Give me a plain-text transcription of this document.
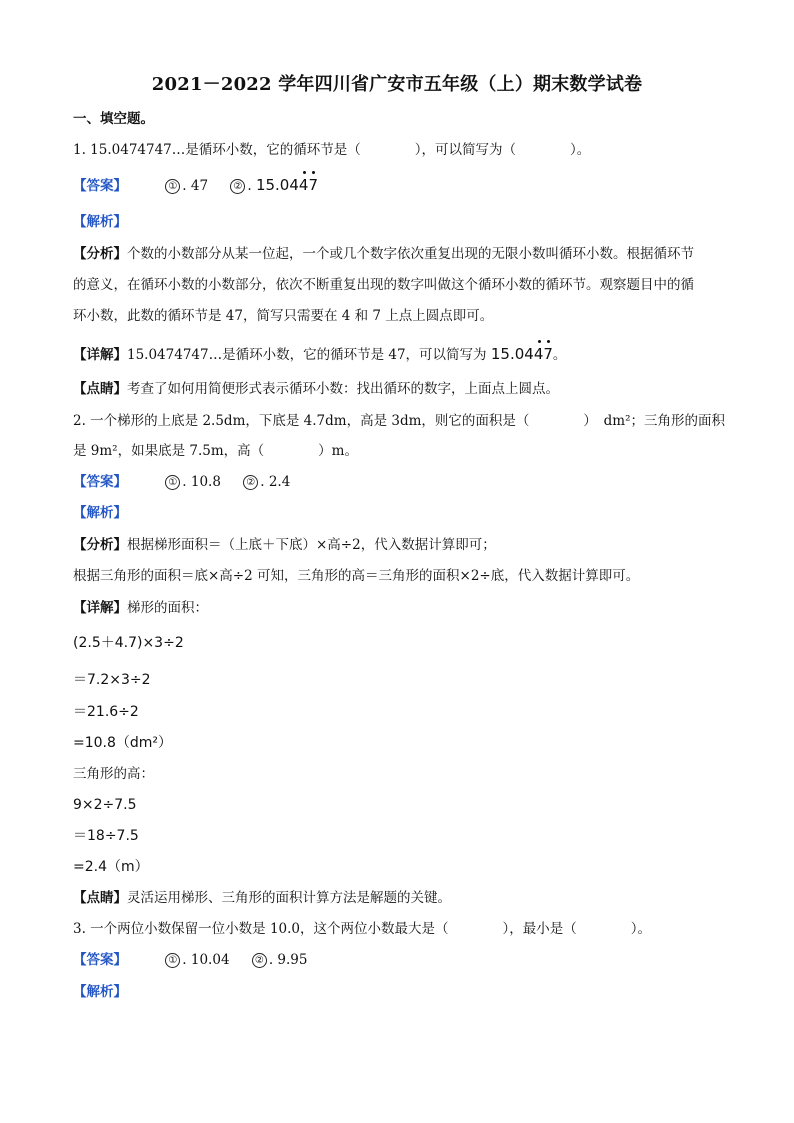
2021－2022 学年四川省广安市五年级（上）期末数学试卷
一、填空题。
1. 15.0474747…是循环小数，它的循环节是（　　　　），可以简写为（　　　　）。
【答案】	① . 47	② . 15.04
4
7
【解析】
【分析】个数的小数部分从某一位起，一个或几个数字依次重复出现的无限小数叫循环小数。根据循环节
的意义，在循环小数的小数部分，依次不断重复出现的数字叫做这个循环小数的循环节。观察题目中的循
环小数，此数的循环节是 47，简写只需要在 4 和 7 上点上圆点即可。
【详解】15.0474747…是循环小数，它的循环节是 47，可以简写为 15.04
4
7。
【点睛】考查了如何用简便形式表示循环小数：找出循环的数字，上面点上圆点。
2. 一个梯形的上底是 2.5dm，下底是 4.7dm，高是 3dm，则它的面积是（　　　　）　dm²；三角形的面积
是 9m²，如果底是 7.5m，高（　　　　）m。
【答案】	① . 10.8	② . 2.4
【解析】
【分析】根据梯形面积＝（上底＋下底）×高÷2，代入数据计算即可；
根据三角形的面积＝底×高÷2 可知，三角形的高＝三角形的面积×2÷底，代入数据计算即可。
【详解】梯形的面积：
(2.5＋4.7)×3÷2
＝7.2×3÷2
＝21.6÷2
=10.8（dm²）
三角形的高：
9×2÷7.5
＝18÷7.5
=2.4（m）
【点睛】灵活运用梯形、三角形的面积计算方法是解题的关键。
3. 一个两位小数保留一位小数是 10.0，这个两位小数最大是（　　　　），最小是（　　　　）。
【答案】	① . 10.04	② . 9.95
【解析】
